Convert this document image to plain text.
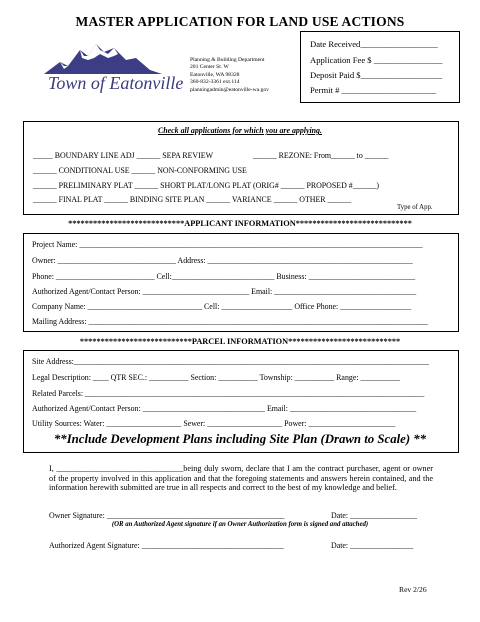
MASTER APPLICATION FOR LAND USE ACTIONS
Town of Eatonville
Planning & Building Department
201 Center St. W
Eatonville, WA 98328
360-832-3361 ext.114
planningadmin@eatonville-wa.gov
Date Received__________________
Application Fee $ ________________
Deposit Paid $___________________
Permit # ______________________
Check all applications for which you are applying.
_____ BOUNDARY LINE ADJ ______ SEPA REVIEW	______ REZONE: From______ to ______
______ CONDITIONAL USE ______ NON-CONFORMING USE
______ PRELIMINARY PLAT ______ SHORT PLAT/LONG PLAT (ORIG# ______ PROPOSED #______)
______ FINAL PLAT ______ BINDING SITE PLAN ______ VARIANCE ______ OTHER ______
Type of App.
****************************APPLICANT INFORMATION****************************
Project Name: _______________________________________________________________________________________
Owner: ______________________________ Address: ____________________________________________________
Phone: _________________________ Cell:__________________________ Business: ___________________________
Authorized Agent/Contact Person: ___________________________ Email: ____________________________________
Company Name: _____________________________ Cell: __________________ Office Phone: __________________
Mailing Address: ______________________________________________________________________________________
***************************PARCEL INFORMATION***************************
Site Address:__________________________________________________________________________________________
Legal Description: ____ QTR SEC.: __________ Section: __________ Township: __________ Range: __________
Related Parcels: ______________________________________________________________________________________
Authorized Agent/Contact Person: _______________________________ Email: ________________________________
Utility Sources: Water: ___________________ Sewer: ___________________ Power: ______________________
**Include Development Plans including Site Plan (Drawn to Scale) **
I, _______________________________being duly sworn, declare that I am the contract purchaser, agent or owner of the property involved in this application and that the foregoing statements and answers herein contained, and the information herewith submitted are true in all respects and correct to the best of my knowledge and belief.
Owner Signature: _____________________________________________	Date: _________________
(OR an Authorized Agent signature if an Owner Authorization form is signed and attached)
Authorized Agent Signature: ____________________________________	Date: ________________
Rev 2/26
